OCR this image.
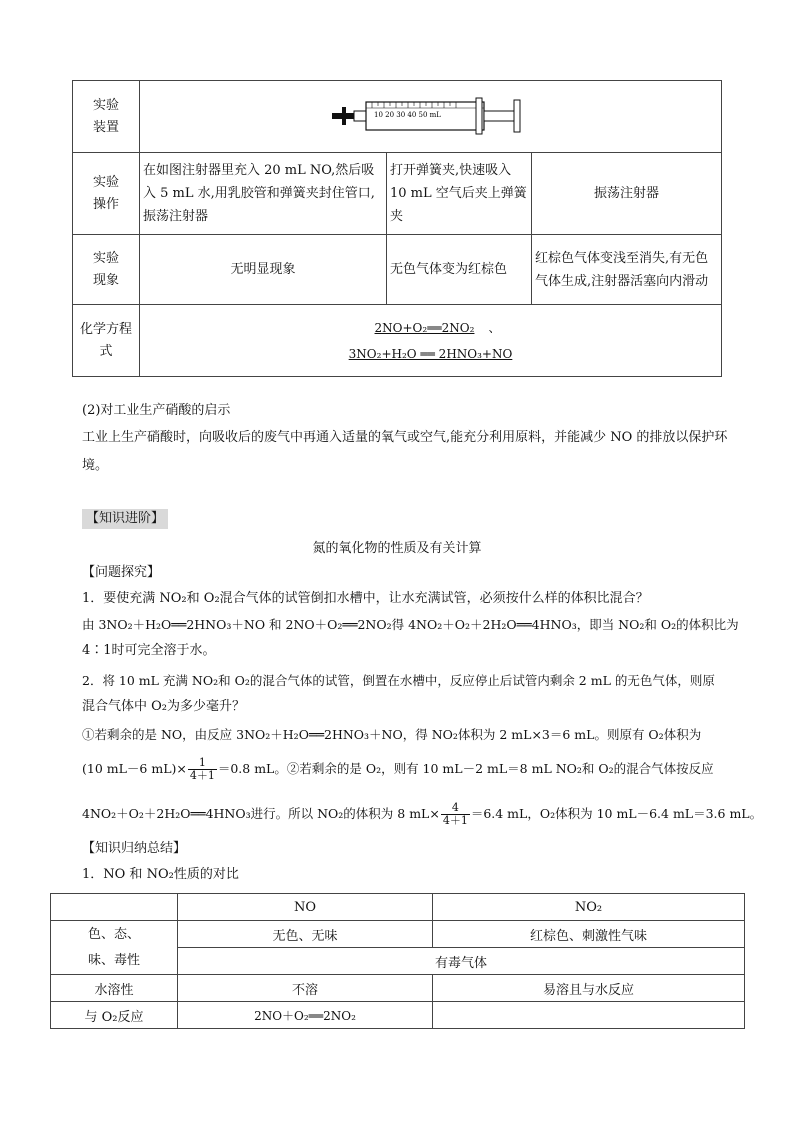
实验装置	10 20 30 40 50 mL		

实验操作	在如图注射器里充入 20 mL NO,然后吸入 5 mL 水,用乳胶管和弹簧夹封住管口,振荡注射器	打开弹簧夹,快速吸入 10 mL 空气后夹上弹簧夹	振荡注射器
实验现象	无明显现象	无色气体变为红棕色	红棕色气体变浅至消失,有无色气体生成,注射器活塞向内滑动
化学方程式	2NO+O₂══2NO₂ 、
3NO₂+H₂O ══ 2HNO₃+NO		
(2)对工业生产硝酸的启示
工业上生产硝酸时，向吸收后的废气中再通入适量的氧气或空气,能充分利用原料，并能减少 NO 的排放以保护环境。
【知识进阶】
氮的氧化物的性质及有关计算
【问题探究】
1．要使充满 NO₂和 O₂混合气体的试管倒扣水槽中，让水充满试管，必须按什么样的体积比混合？
由 3NO₂＋H₂O══2HNO₃＋NO 和 2NO＋O₂══2NO₂得 4NO₂＋O₂＋2H₂O══4HNO₃，即当 NO₂和 O₂的体积比为
4∶1时可完全溶于水。
2．将 10 mL 充满 NO₂和 O₂的混合气体的试管，倒置在水槽中，反应停止后试管内剩余 2 mL 的无色气体，则原
混合气体中 O₂为多少毫升？
①若剩余的是 NO，由反应 3NO₂＋H₂O══2HNO₃＋NO，得 NO₂体积为 2 mL×3＝6 mL。则原有 O₂体积为
(10 mL－6 $mL)\times \frac{1}{4+1} =0.8$ mL。②若剩余的是 O₂，则有 10 mL－2 mL＝8 mL NO₂和 O₂的混合气体按反应
4NO₂＋O₂＋2H₂O══4HNO₃进行。所以 NO₂的体积为 8 $mL\times \frac{4}{4+1} =6.4$ mL，O₂体积为 10 mL－6.4 mL＝3.6 mL。
【知识归纳总结】
1．NO 和 NO₂性质的对比
	NO	NO₂
色、态、味、毒性	无色、无味	红棕色、刺激性气味
	有毒气体	
水溶性	不溶	易溶且与水反应
与 O₂反应	2NO＋O₂══2NO₂	
